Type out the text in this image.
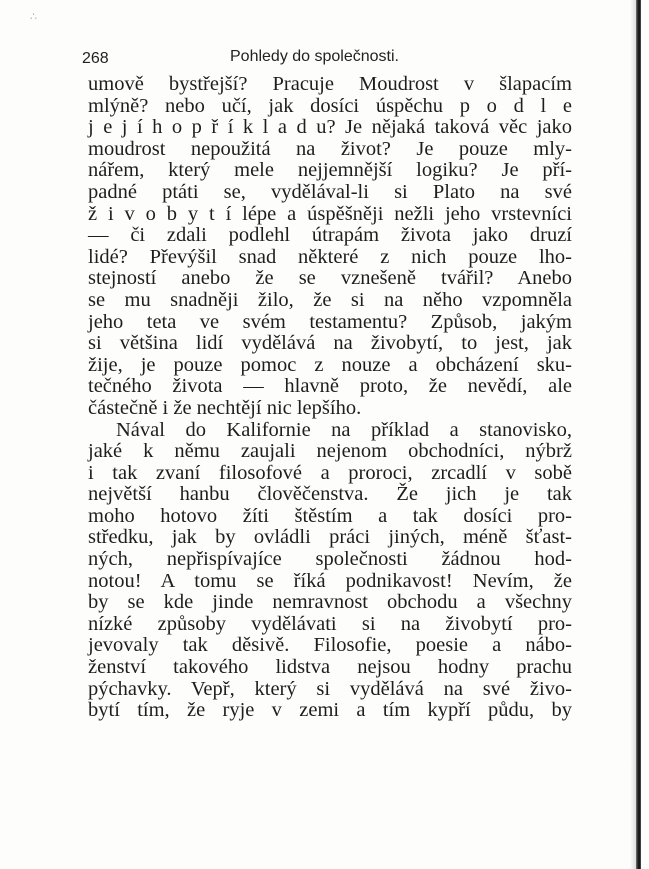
∴
268	Pohledy do společnosti.
umově bystřejší? Pracuje Moudrost v šlapacím
mlýně? nebo učí, jak dosíci úspěchu p o d l e
j e j í h o p ř í k l a d u? Je nějaká taková věc jako
moudrost nepoužitá na život? Je pouze mly-
nářem, který mele nejjemnější logiku? Je pří-
padné ptáti se, vydělával-li si Plato na své
ž i v o b y t í lépe a úspěšněji nežli jeho vrstevníci
— či zdali podlehl útrapám života jako druzí
lidé? Převýšil snad některé z nich pouze lho-
stejností anebo že se vznešeně tvářil? Anebo
se mu snadněji žilo, že si na něho vzpomněla
jeho teta ve svém testamentu? Způsob, jakým
si většina lidí vydělává na živobytí, to jest, jak
žije, je pouze pomoc z nouze a obcházení sku-
tečného života — hlavně proto, že nevědí, ale
částečně i že nechtějí nic lepšího.
Nával do Kalifornie na příklad a stanovisko,
jaké k němu zaujali nejenom obchodníci, nýbrž
i tak zvaní filosofové a proroci, zrcadlí v sobě
největší hanbu člověčenstva. Že jich je tak
moho hotovo žíti štěstím a tak dosíci pro-
středku, jak by ovládli práci jiných, méně šťast-
ných, nepřispívajíce společnosti žádnou hod-
notou! A tomu se říká podnikavost! Nevím, že
by se kde jinde nemravnost obchodu a všechny
nízké způsoby vydělávati si na živobytí pro-
jevovaly tak děsivě. Filosofie, poesie a nábo-
ženství takového lidstva nejsou hodny prachu
pýchavky. Vepř, který si vydělává na své živo-
bytí tím, že ryje v zemi a tím kypří půdu, by
